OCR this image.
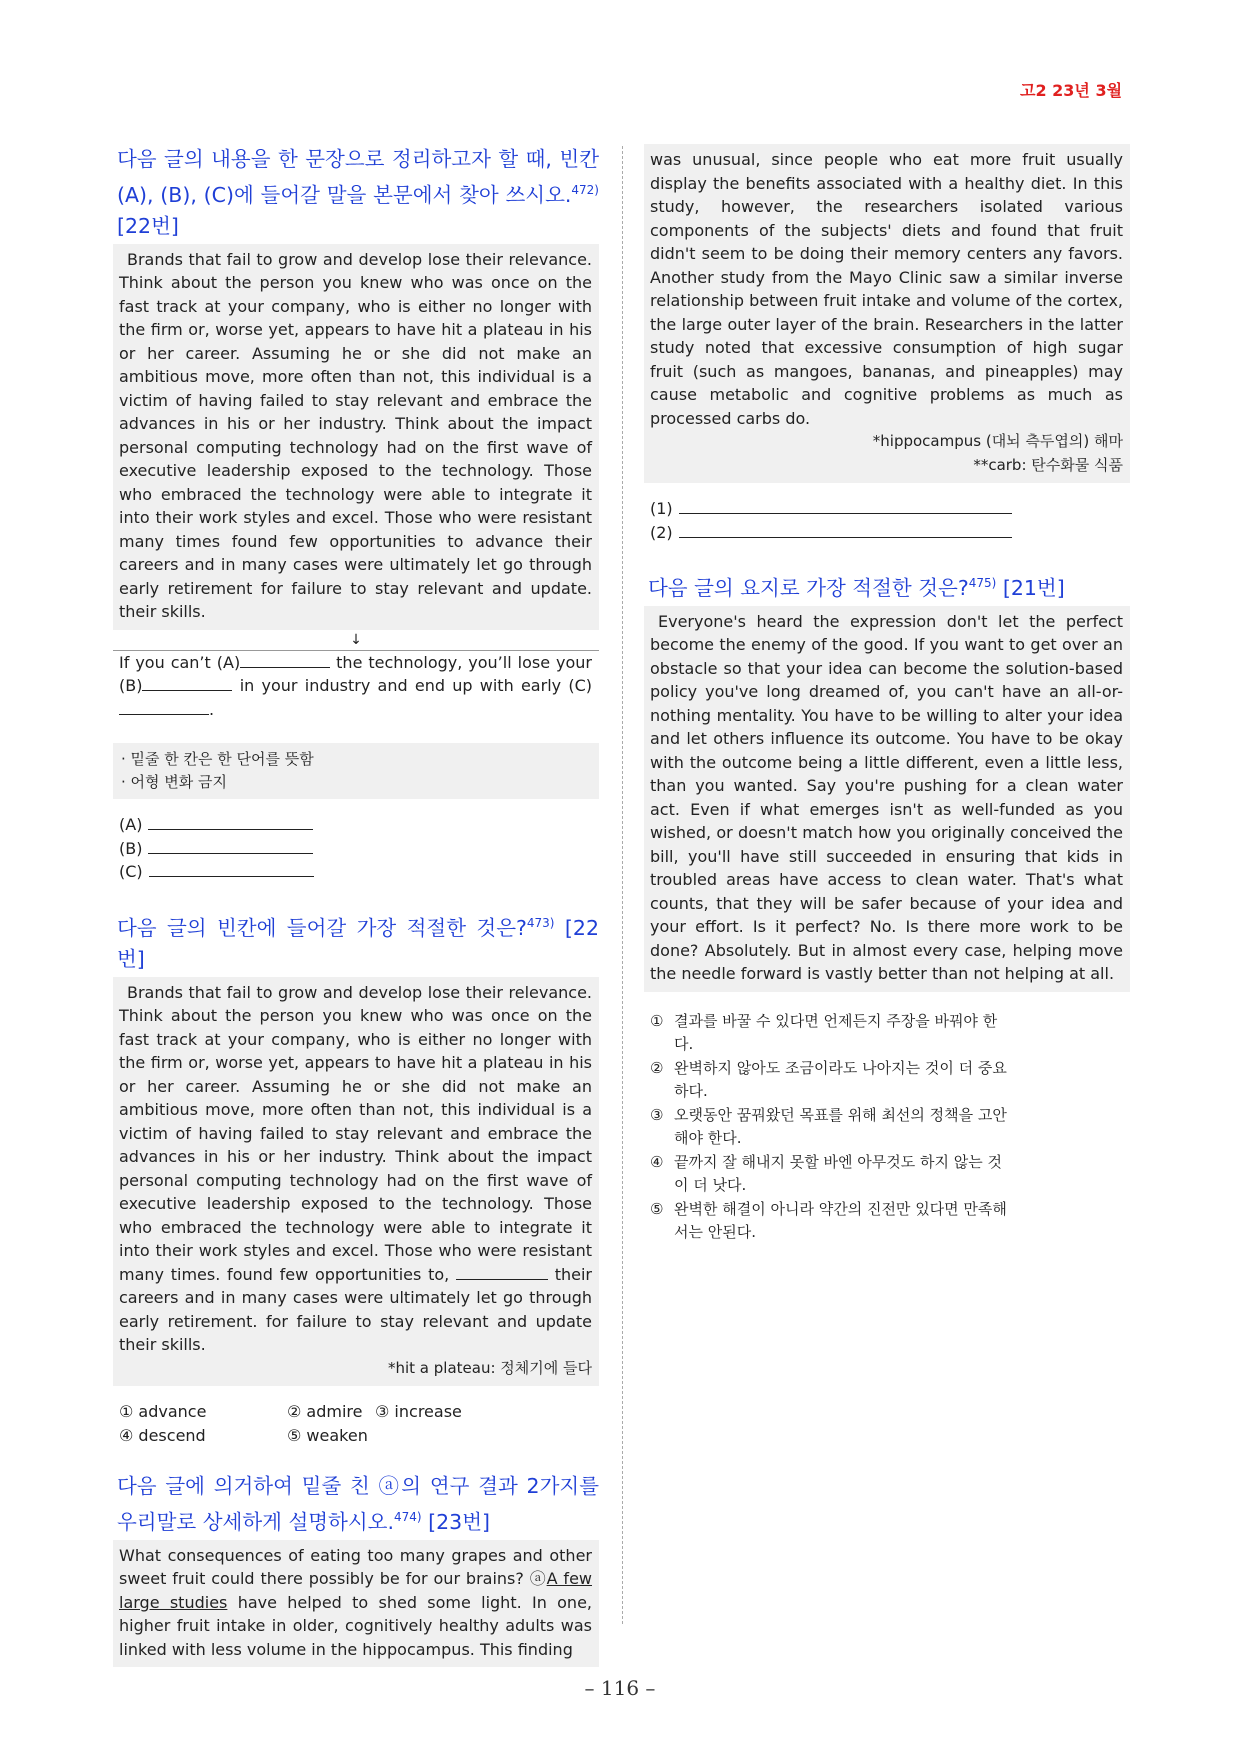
고2 23년 3월
다음 글의 내용을 한 문장으로 정리하고자 할 때, 빈칸 (A), (B), (C)에 들어갈 말을 본문에서 찾아 쓰시오.$^{472)}$ [22번]
Brands that fail to grow and develop lose their relevance. Think about the person you knew who was once on the fast track at your company, who is either no longer with the firm or, worse yet, appears to have hit a plateau in his or her career. Assuming he or she did not make an ambitious move, more often than not, this individual is a victim of having failed to stay relevant and embrace the advances in his or her industry. Think about the impact personal computing technology had on the first wave of executive leadership exposed to the technology. Those who embraced the technology were able to integrate it into their work styles and excel. Those who were resistant many times found few opportunities to advance their careers and in many cases were ultimately let go through early retirement for failure to stay relevant and update. their skills.
↓
If you can’t (A)	the technology, you’ll lose your (B)	in your industry and end up with early (C).
· 밑줄 한 칸은 한 단어를 뜻함
· 어형 변화 금지
(A)
(B)
(C)
다음 글의 빈칸에 들어갈 가장 적절한 것은?$^{473)}$ [22번]
Brands that fail to grow and develop lose their relevance. Think about the person you knew who was once on the fast track at your company, who is either no longer with the firm or, worse yet, appears to have hit a plateau in his or her career. Assuming he or she did not make an ambitious move, more often than not, this individual is a victim of having failed to stay relevant and embrace the advances in his or her industry. Think about the impact personal computing technology had on the first wave of executive leadership exposed to the technology. Those who embraced the technology were able to integrate it into their work styles and excel. Those who were resistant many times. found few opportunities to,	their careers and in many cases were ultimately let go through early retirement. for failure to stay relevant and update their skills.
*hit a plateau: 정체기에 들다
① advance	② admire ③ increase
④ descend	⑤ weaken
다음 글에 의거하여 밑줄 친 ⓐ의 연구 결과 2가지를 우리말로 상세하게 설명하시오.$^{474)}$ [23번]
What consequences of eating too many grapes and other sweet fruit could there possibly be for our brains? ⓐA few large studies have helped to shed some light. In one, higher fruit intake in older, cognitively healthy adults was linked with less volume in the hippocampus. This finding
was unusual, since people who eat more fruit usually display the benefits associated with a healthy diet. In this study, however, the researchers isolated various components of the subjects' diets and found that fruit didn't seem to be doing their memory centers any favors. Another study from the Mayo Clinic saw a similar inverse relationship between fruit intake and volume of the cortex, the large outer layer of the brain. Researchers in the latter study noted that excessive consumption of high sugar fruit (such as mangoes, bananas, and pineapples) may cause metabolic and cognitive problems as much as processed carbs do.
*hippocampus (대뇌 측두엽의) 해마
**carb: 탄수화물 식품
(1)
(2)
다음 글의 요지로 가장 적절한 것은?$^{475)}$ [21번]
Everyone's heard the expression don't let the perfect become the enemy of the good. If you want to get over an obstacle so that your idea can become the solution-based policy you've long dreamed of, you can't have an all-or-nothing mentality. You have to be willing to alter your idea and let others influence its outcome. You have to be okay with the outcome being a little different, even a little less, than you wanted. Say you're pushing for a clean water act. Even if what emerges isn't as well-funded as you wished, or doesn't match how you originally conceived the bill, you'll have still succeeded in ensuring that kids in troubled areas have access to clean water. That's what counts, that they will be safer because of your idea and your effort. Is it perfect? No. Is there more work to be done? Absolutely. But in almost every case, helping move the needle forward is vastly better than not helping at all.
① 결과를 바꿀 수 있다면 언제든지 주장을 바꿔야 한다.
② 완벽하지 않아도 조금이라도 나아지는 것이 더 중요하다.
③ 오랫동안 꿈꿔왔던 목표를 위해 최선의 정책을 고안해야 한다.
④ 끝까지 잘 해내지 못할 바엔 아무것도 하지 않는 것이 더 낫다.
⑤ 완벽한 해결이 아니라 약간의 진전만 있다면 만족해서는 안된다.
– 116 –
